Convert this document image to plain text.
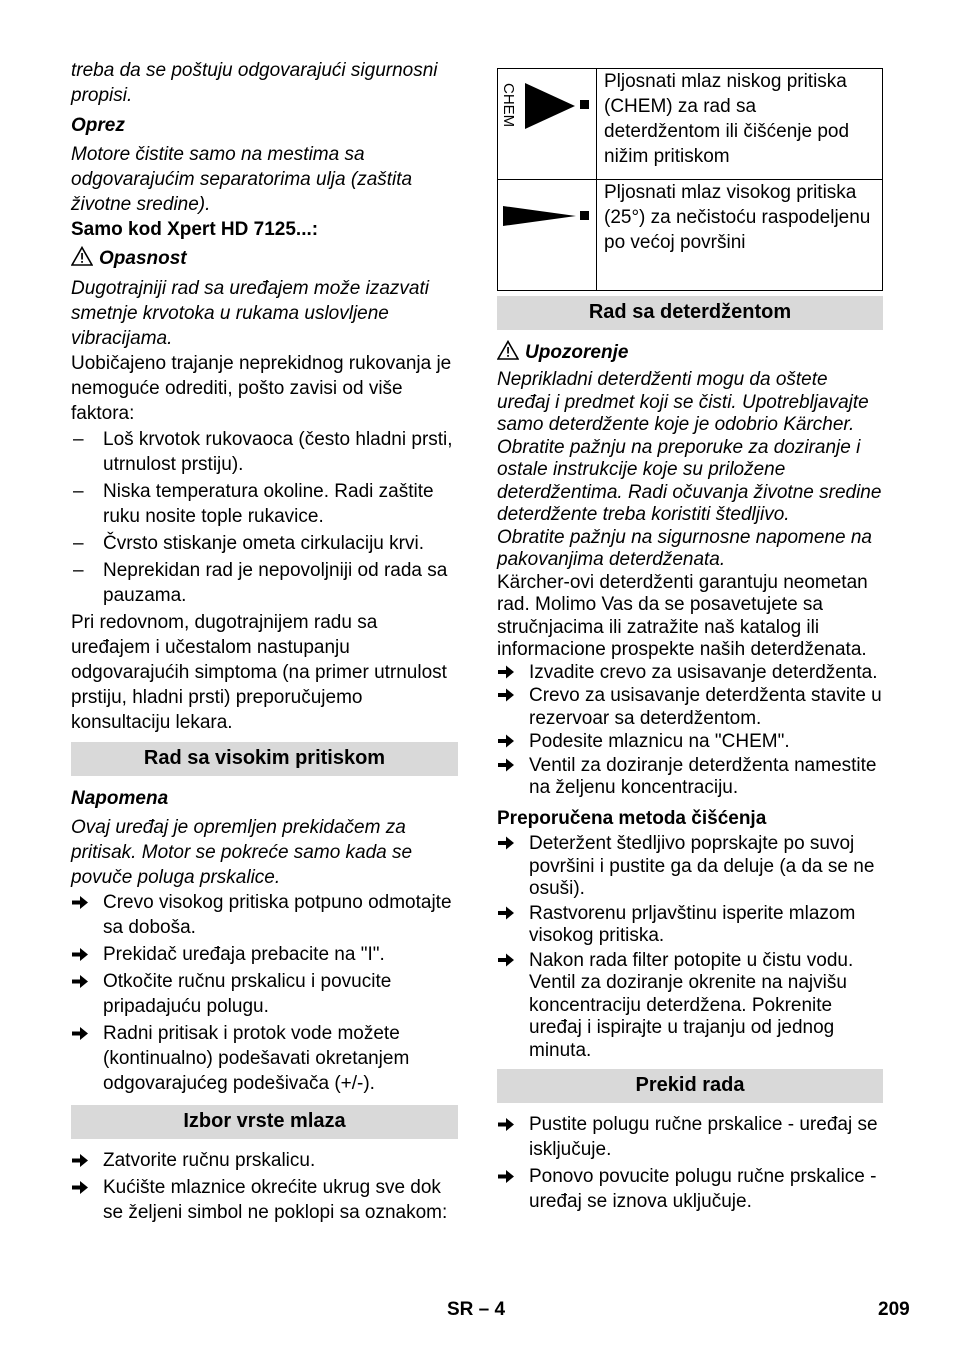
treba da se poštuju odgovarajući sigurnosni propisi.

Oprez

Motore čistite samo na mestima sa odgovarajućim separatorima ulja (zaštita životne sredine).

Samo kod Xpert HD 7125...:

Opasnost

Dugotrajniji rad sa uređajem može izazvati smetnje krvotoka u rukama uslovljene vibracijama.

Uobičajeno trajanje neprekidnog rukovanja je nemoguće odrediti, pošto zavisi od više faktora:

– Loš krvotok rukovaoca (često hladni prsti, utrnulost prstiju).
– Niska temperatura okoline. Radi zaštite ruku nosite tople rukavice.
– Čvrsto stiskanje ometa cirkulaciju krvi.
– Neprekidan rad je nepovoljniji od rada sa pauzama.

Pri redovnom, dugotrajnijem radu sa uređajem i učestalom nastupanju odgovarajućih simptoma (na primer utrnulost prstiju, hladni prsti) preporučujemo konsultaciju lekara.

Rad sa visokim pritiskom

Napomena

Ovaj uređaj je opremljen prekidačem za pritisak. Motor se pokreće samo kada se povuče poluga prskalice.

Crevo visokog pritiska potpuno odmotajte sa doboša.
Prekidač uređaja prebacite na "I".
Otkočite ručnu prskalicu i povucite pripadajuću polugu.
Radni pritisak i protok vode možete (kontinualno) podešavati okretanjem odgovarajućeg podešivača (+/-).
Izbor vrste mlaza
Zatvorite ručnu prskalicu.
Kućište mlaznice okrećite ukrug sve dok se željeni simbol ne poklopi sa oznakom:
CHEM	Pljosnati mlaz niskog pritiska (CHEM) za rad sa deterdžentom ili čišćenje pod nižim pritiskom
	Pljosnati mlaz visokog pritiska (25°) za nečistoću raspodeljenu po većoj površini
Rad sa deterdžentom

Upozorenje

Neprikladni deterdženti mogu da oštete uređaj i predmet koji se čisti. Upotrebljavajte samo deterdžente koje je odobrio Kärcher. Obratite pažnju na preporuke za doziranje i ostale instrukcije koje su priložene deterdžentima. Radi očuvanja životne sredine deterdžente treba koristiti štedljivo.

Obratite pažnju na sigurnosne napomene na pakovanjima deterdženata.

Kärcher-ovi deterdženti garantuju neometan rad. Molimo Vas da se posavetujete sa stručnjacima ili zatražite naš katalog ili informacione prospekte naših deterdženata.

Izvadite crevo za usisavanje deterdženta.
Crevo za usisavanje deterdženta stavite u rezervoar sa deterdžentom.
Podesite mlaznicu na "CHEM".
Ventil za doziranje deterdženta namestite na željenu koncentraciju.

Preporučena metoda čišćenja

Deteržent štedljivo poprskajte po suvoj površini i pustite ga da deluje (a da se ne osuši).
Rastvorenu prljavštinu isperite mlazom visokog pritiska.
Nakon rada filter potopite u čistu vodu. Ventil za doziranje okrenite na najvišu koncentraciju deterdžena. Pokrenite uređaj i ispirajte u trajanju od jednog minuta.
Prekid rada
Pustite polugu ručne prskalice - uređaj se isključuje.
Ponovo povucite polugu ručne prskalice - uređaj se iznova uključuje.
SR – 4	209
